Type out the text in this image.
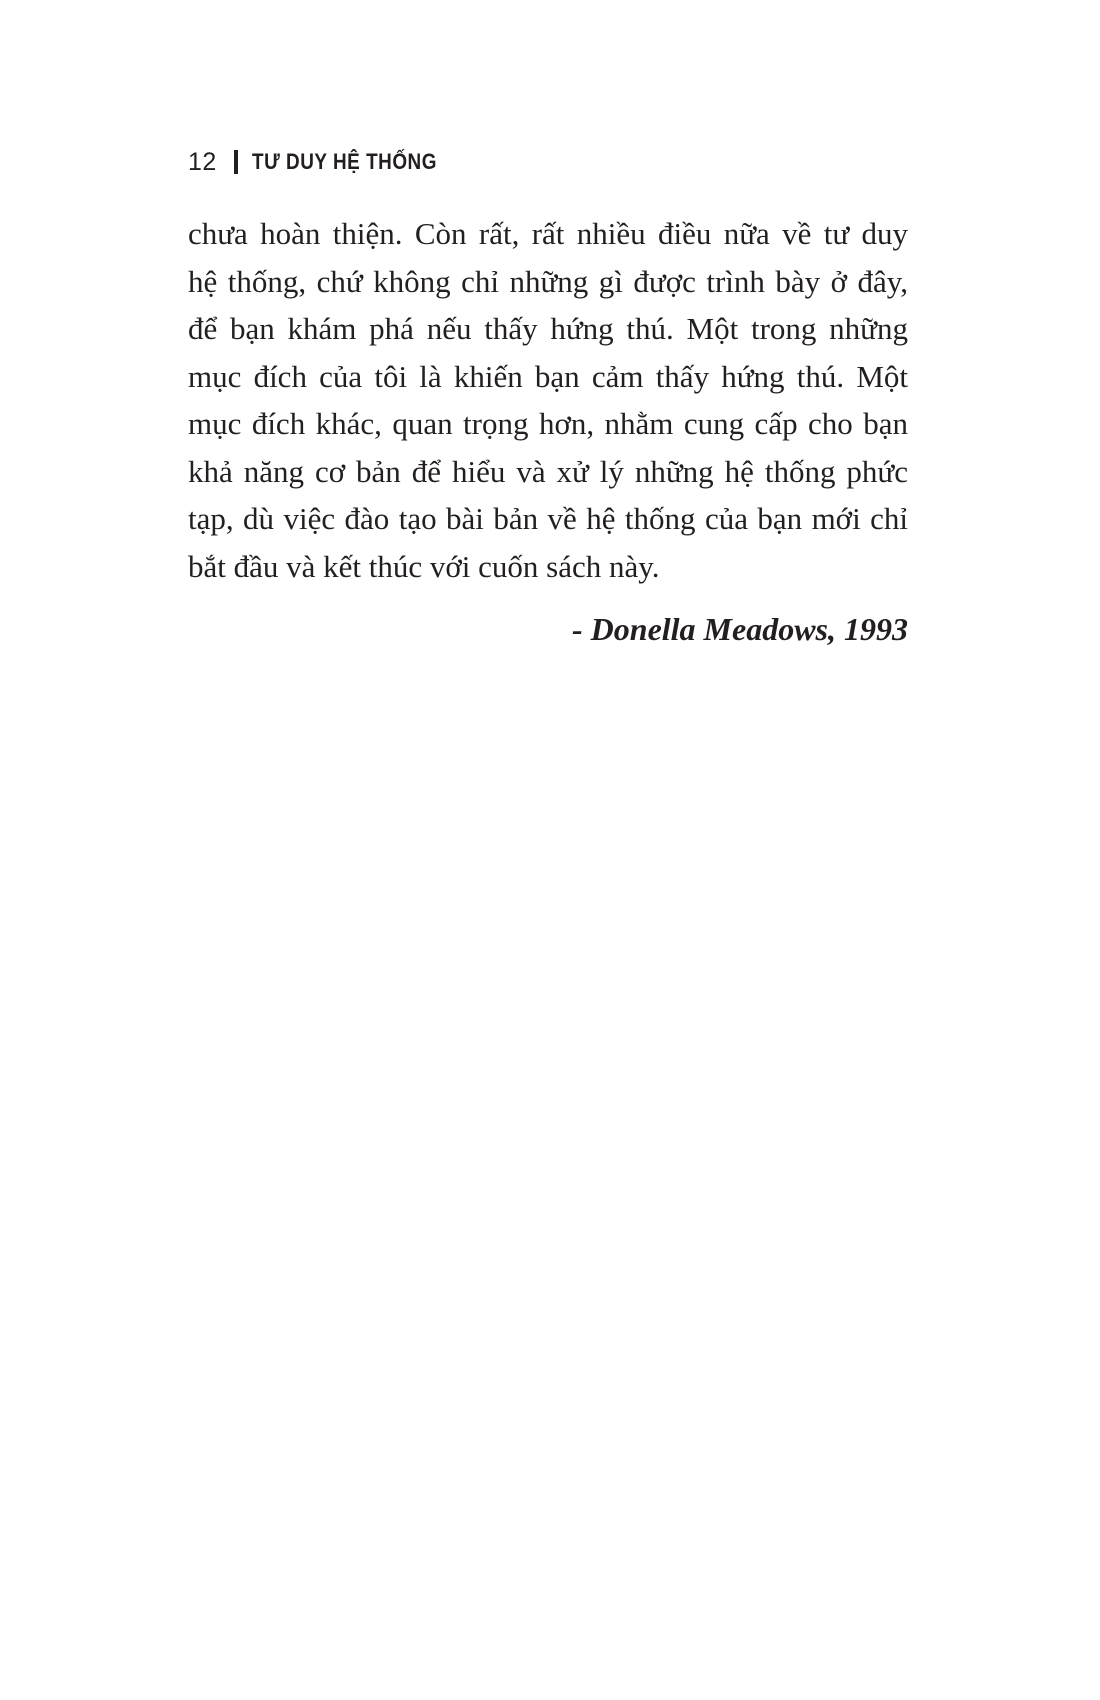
12 TƯ DUY HỆ THỐNG
chưa hoàn thiện. Còn rất, rất nhiều điều nữa về tư duy
hệ thống, chứ không chỉ những gì được trình bày ở đây,
để bạn khám phá nếu thấy hứng thú. Một trong những
mục đích của tôi là khiến bạn cảm thấy hứng thú. Một
mục đích khác, quan trọng hơn, nhằm cung cấp cho bạn
khả năng cơ bản để hiểu và xử lý những hệ thống phức
tạp, dù việc đào tạo bài bản về hệ thống của bạn mới chỉ
bắt đầu và kết thúc với cuốn sách này.
- Donella Meadows, 1993
